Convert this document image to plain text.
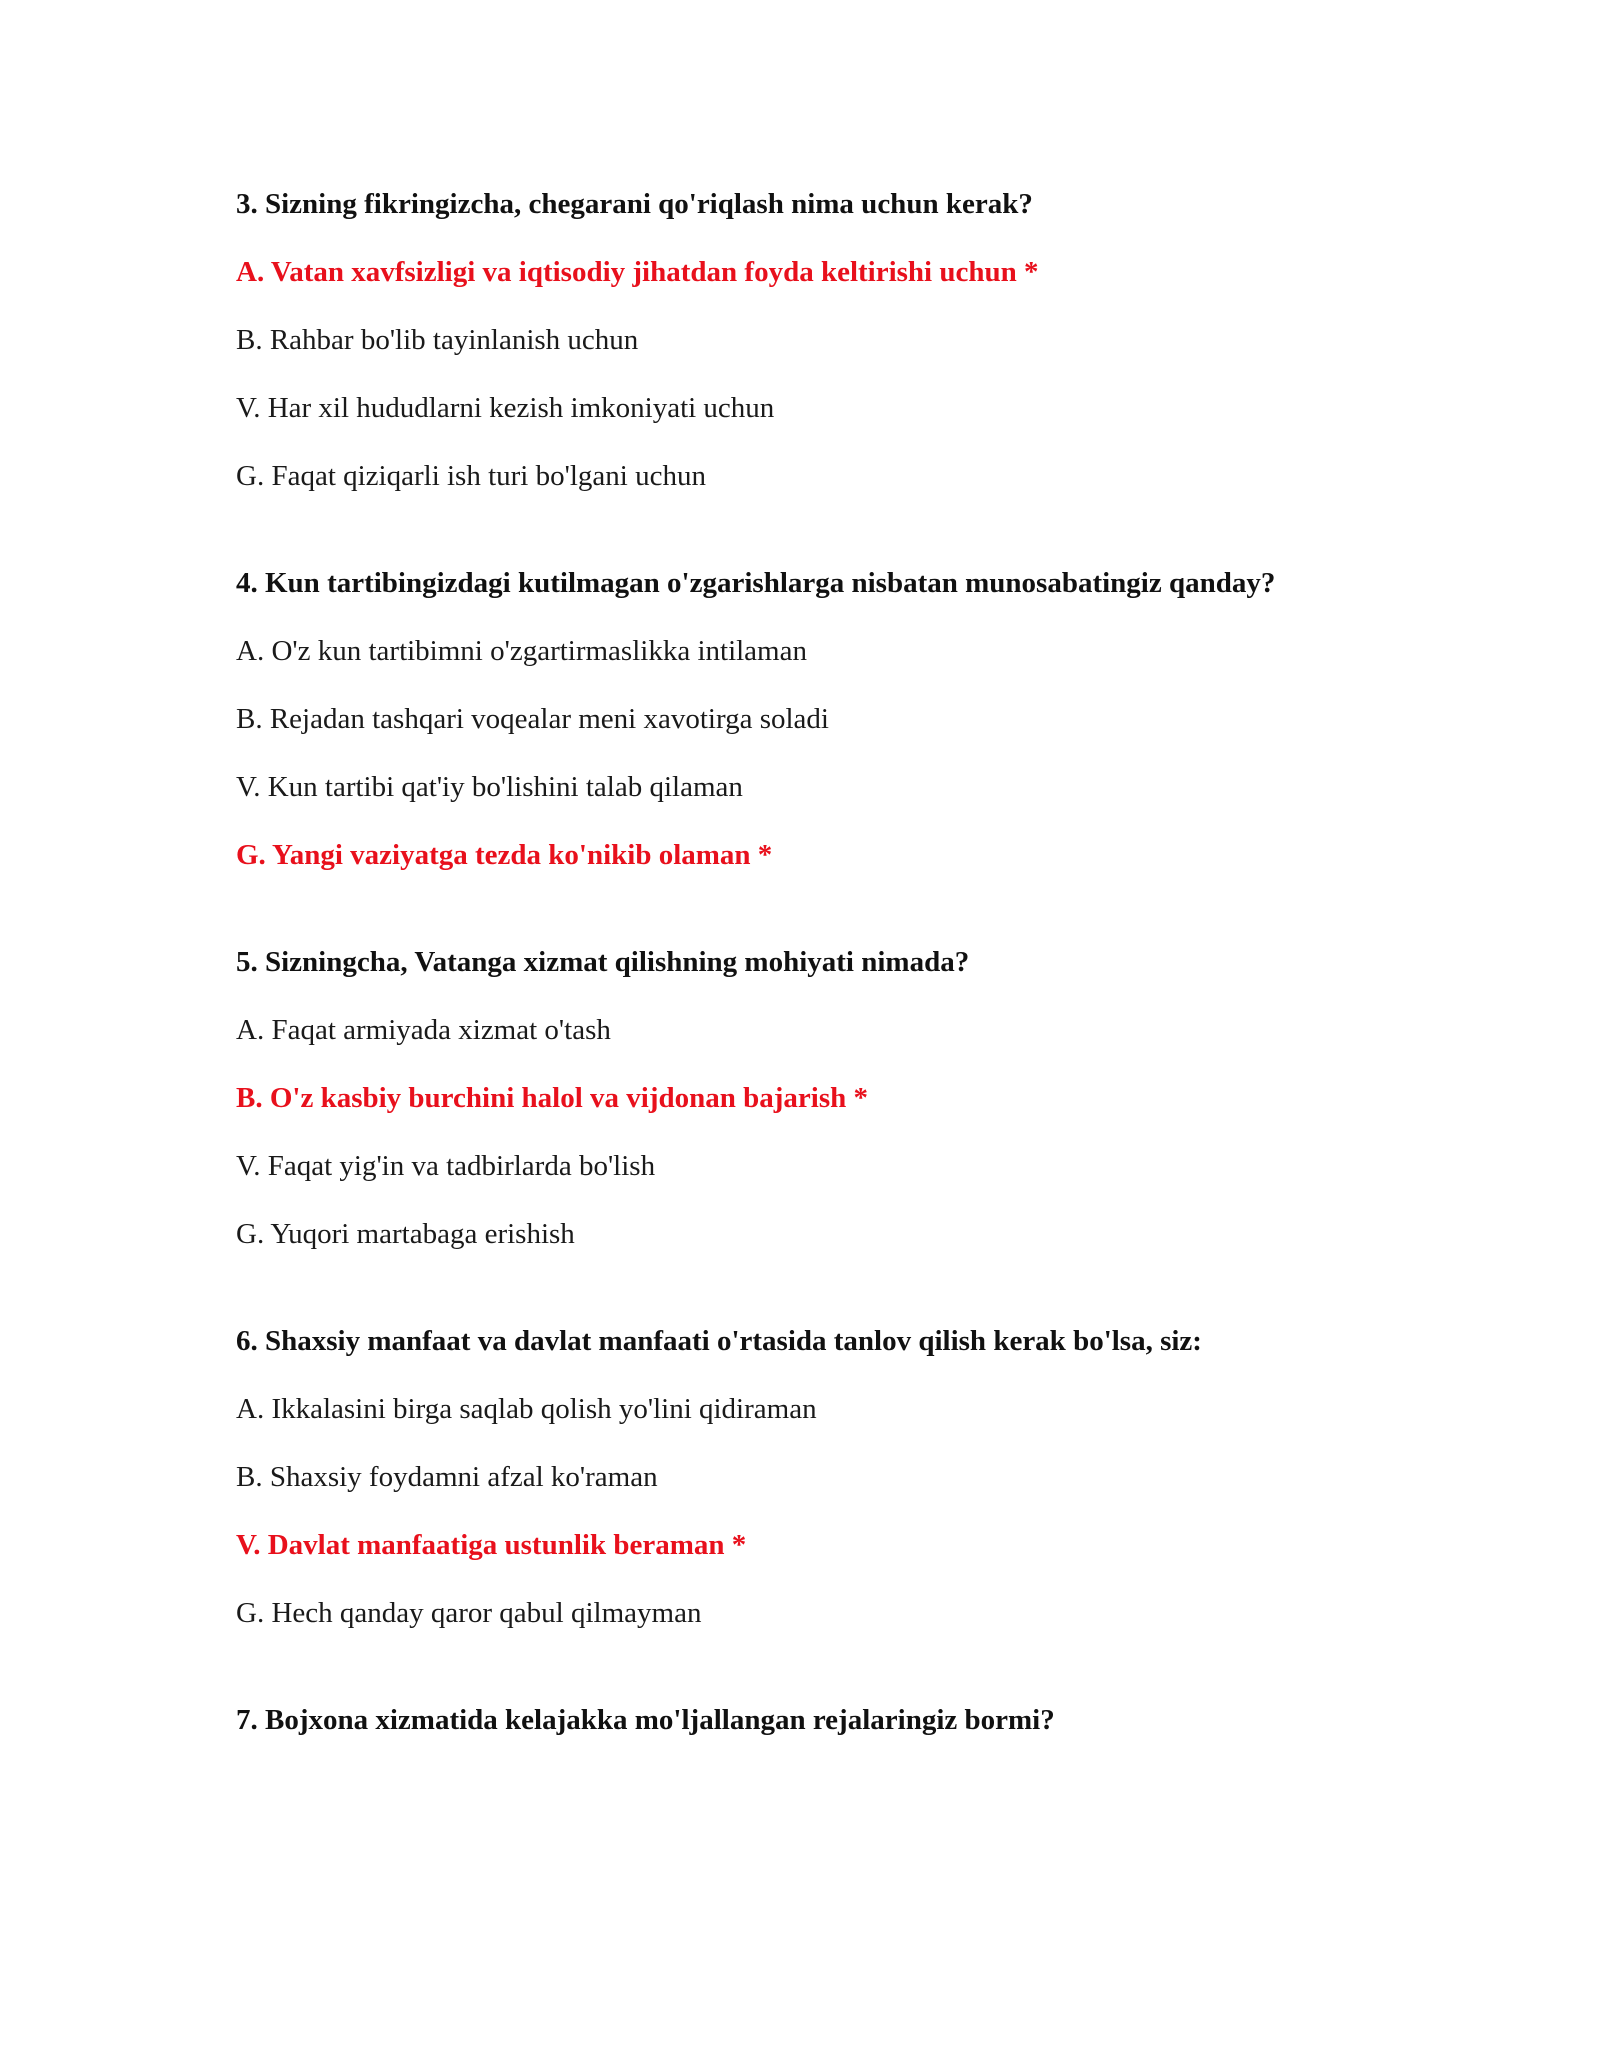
3. Sizning fikringizcha, chegarani qo'riqlash nima uchun kerak?
A. Vatan xavfsizligi va iqtisodiy jihatdan foyda keltirishi uchun *
B. Rahbar bo'lib tayinlanish uchun
V. Har xil hududlarni kezish imkoniyati uchun
G. Faqat qiziqarli ish turi bo'lgani uchun
4. Kun tartibingizdagi kutilmagan o'zgarishlarga nisbatan munosabatingiz qanday?
A. O'z kun tartibimni o'zgartirmaslikka intilaman
B. Rejadan tashqari voqealar meni xavotirga soladi
V. Kun tartibi qat'iy bo'lishini talab qilaman
G. Yangi vaziyatga tezda ko'nikib olaman *
5. Sizningcha, Vatanga xizmat qilishning mohiyati nimada?
A. Faqat armiyada xizmat o'tash
B. O'z kasbiy burchini halol va vijdonan bajarish *
V. Faqat yig'in va tadbirlarda bo'lish
G. Yuqori martabaga erishish
6. Shaxsiy manfaat va davlat manfaati o'rtasida tanlov qilish kerak bo'lsa, siz:
A. Ikkalasini birga saqlab qolish yo'lini qidiraman
B. Shaxsiy foydamni afzal ko'raman
V. Davlat manfaatiga ustunlik beraman *
G. Hech qanday qaror qabul qilmayman
7. Bojxona xizmatida kelajakka mo'ljallangan rejalaringiz bormi?
